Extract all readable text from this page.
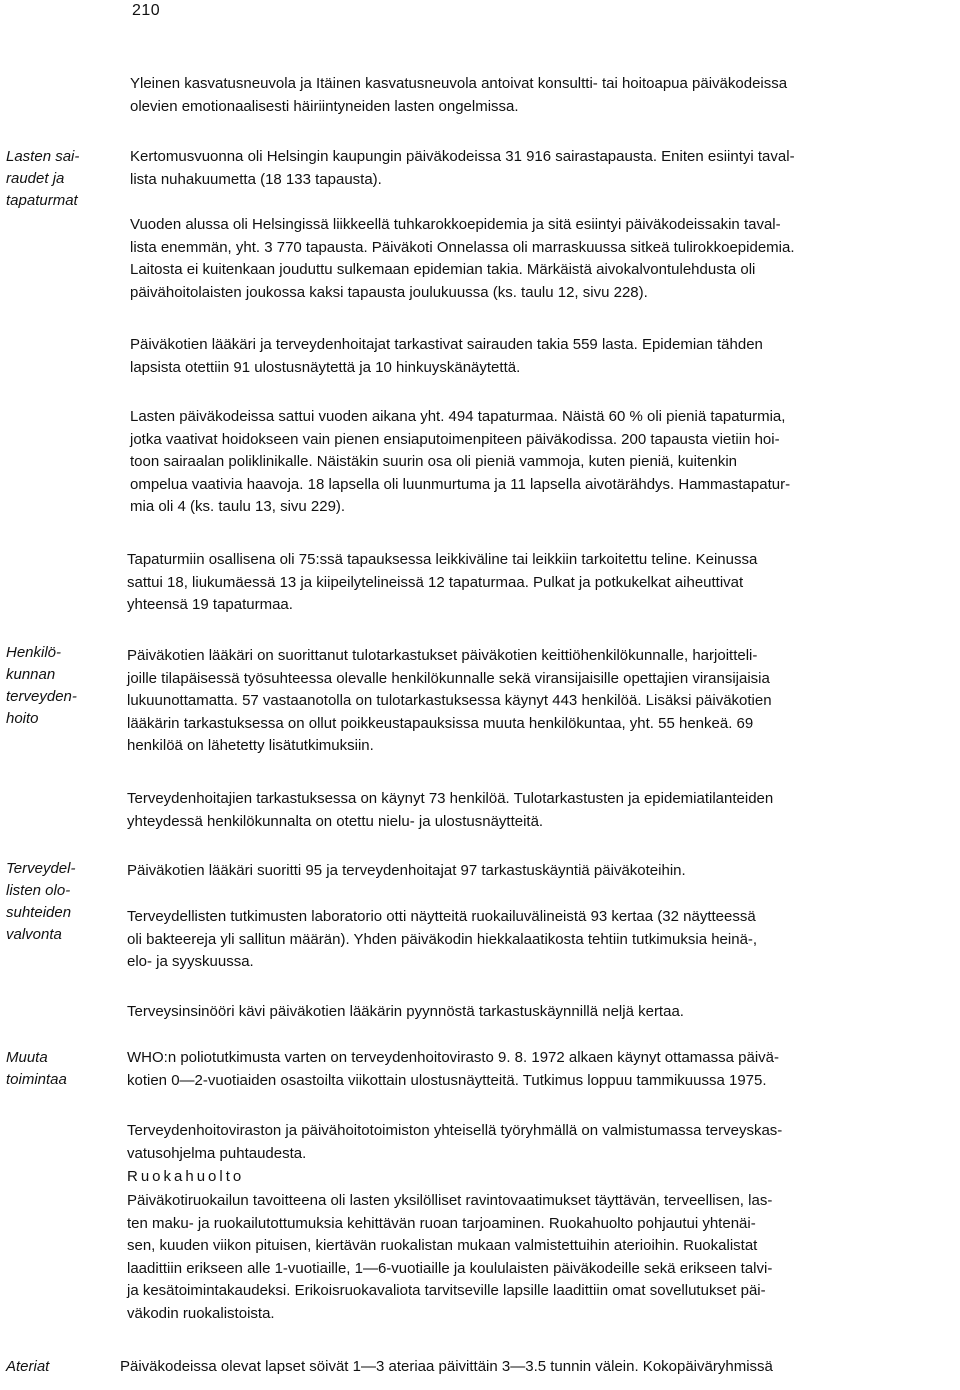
210
Lasten sai-
raudet ja
tapaturmat
Henkilö-
kunnan
terveyden-
hoito
Terveydel-
listen olo-
suhteiden
valvonta
Muuta
toimintaa
Ateriat
Yleinen kasvatusneuvola ja Itäinen kasvatusneuvola antoivat konsultti- tai hoitoapua päiväkodeissa
olevien emotionaalisesti häiriintyneiden lasten ongelmissa.
Kertomusvuonna oli Helsingin kaupungin päiväkodeissa 31 916 sairastapausta. Eniten esiintyi taval-
lista nuhakuumetta (18 133 tapausta).
Vuoden alussa oli Helsingissä liikkeellä tuhkarokkoepidemia ja sitä esiintyi päiväkodeissakin taval-
lista enemmän, yht. 3 770 tapausta. Päiväkoti Onnelassa oli marraskuussa sitkeä tulirokkoepidemia.
Laitosta ei kuitenkaan jouduttu sulkemaan epidemian takia. Märkäistä aivokalvontulehdusta oli
päivähoitolaisten joukossa kaksi tapausta joulukuussa (ks. taulu 12, sivu 228).
Päiväkotien lääkäri ja terveydenhoitajat tarkastivat sairauden takia 559 lasta. Epidemian tähden
lapsista otettiin 91 ulostusnäytettä ja 10 hinkuyskänäytettä.
Lasten päiväkodeissa sattui vuoden aikana yht. 494 tapaturmaa. Näistä 60 % oli pieniä tapaturmia,
jotka vaativat hoidokseen vain pienen ensiaputoimenpiteen päiväkodissa. 200 tapausta vietiin hoi-
toon sairaalan poliklinikalle. Näistäkin suurin osa oli pieniä vammoja, kuten pieniä, kuitenkin
ompelua vaativia haavoja. 18 lapsella oli luunmurtuma ja 11 lapsella aivotärähdys. Hammastapatur-
mia oli 4 (ks. taulu 13, sivu 229).
Tapaturmiin osallisena oli 75:ssä tapauksessa leikkiväline tai leikkiin tarkoitettu teline. Keinussa
sattui 18, liukumäessä 13 ja kiipeilytelineissä 12 tapaturmaa. Pulkat ja potkukelkat aiheuttivat
yhteensä 19 tapaturmaa.
Päiväkotien lääkäri on suorittanut tulotarkastukset päiväkotien keittiöhenkilökunnalle, harjoitteli-
joille tilapäisessä työsuhteessa olevalle henkilökunnalle sekä viransijaisille opettajien viransijaisia
lukuunottamatta. 57 vastaanotolla on tulotarkastuksessa käynyt 443 henkilöä. Lisäksi päiväkotien
lääkärin tarkastuksessa on ollut poikkeustapauksissa muuta henkilökuntaa, yht. 55 henkeä. 69
henkilöä on lähetetty lisätutkimuksiin.
Terveydenhoitajien tarkastuksessa on käynyt 73 henkilöä. Tulotarkastusten ja epidemiatilanteiden
yhteydessä henkilökunnalta on otettu nielu- ja ulostusnäytteitä.
Päiväkotien lääkäri suoritti 95 ja terveydenhoitajat 97 tarkastuskäyntiä päiväkoteihin.
Terveydellisten tutkimusten laboratorio otti näytteitä ruokailuvälineistä 93 kertaa (32 näytteessä
oli bakteereja yli sallitun määrän). Yhden päiväkodin hiekkalaatikosta tehtiin tutkimuksia heinä-,
elo- ja syyskuussa.
Terveysinsinööri kävi päiväkotien lääkärin pyynnöstä tarkastuskäynnillä neljä kertaa.
WHO:n poliotutkimusta varten on terveydenhoitovirasto 9. 8. 1972 alkaen käynyt ottamassa päivä-
kotien 0—2-vuotiaiden osastoilta viikottain ulostusnäytteitä. Tutkimus loppuu tammikuussa 1975.
Terveydenhoitoviraston ja päivähoitotoimiston yhteisellä työryhmällä on valmistumassa terveyskas-
vatusohjelma puhtaudesta.
Ruokahuolto
Päiväkotiruokailun tavoitteena oli lasten yksilölliset ravintovaatimukset täyttävän, terveellisen, las-
ten maku- ja ruokailutottumuksia kehittävän ruoan tarjoaminen. Ruokahuolto pohjautui yhtenäi-
sen, kuuden viikon pituisen, kiertävän ruokalistan mukaan valmistettuihin aterioihin. Ruokalistat
laadittiin erikseen alle 1-vuotiaille, 1—6-vuotiaille ja koululaisten päiväkodeille sekä erikseen talvi-
ja kesätoimintakaudeksi. Erikoisruokavaliota tarvitseville lapsille laadittiin omat sovellutukset päi-
väkodin ruokalistoista.
Päiväkodeissa olevat lapset söivät 1—3 ateriaa päivittäin 3—3.5 tunnin välein. Kokopäiväryhmissä
